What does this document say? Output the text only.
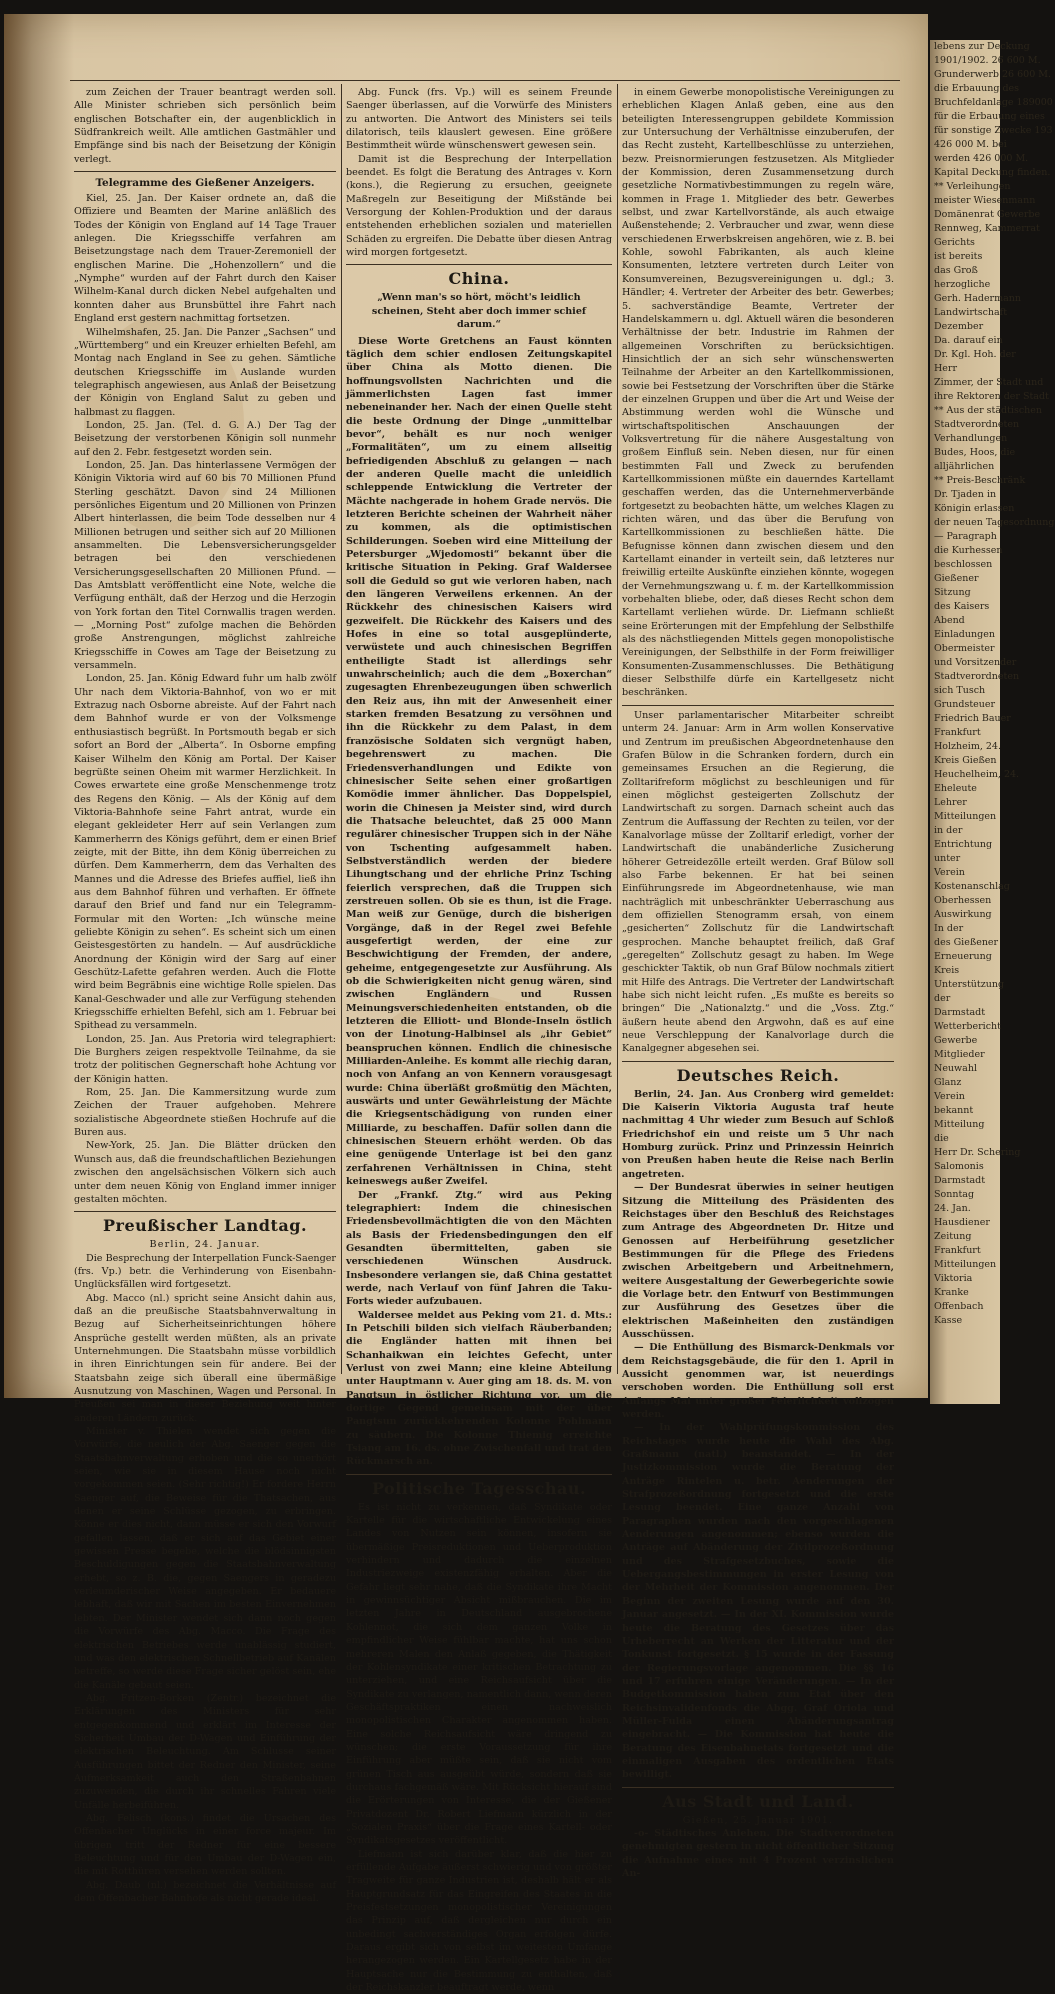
zum Zeichen der Trauer beantragt werden soll. Alle Minister schrieben sich persönlich beim englischen Botschafter ein, der augenblicklich in Südfrankreich weilt. Alle amtlichen Gastmähler und Empfänge sind bis nach der Beisetzung der Königin verlegt.

Telegramme des Gießener Anzeigers.

Kiel, 25. Jan. Der Kaiser ordnete an, daß die Offiziere und Beamten der Marine anläßlich des Todes der Königin von England auf 14 Tage Trauer anlegen. Die Kriegsschiffe verfahren am Beisetzungstage nach dem Trauer-Zeremoniell der englischen Marine. Die „Hohenzollern“ und die „Nymphe“ wurden auf der Fahrt durch den Kaiser Wilhelm-Kanal durch dicken Nebel aufgehalten und konnten daher aus Brunsbüttel ihre Fahrt nach England erst gestern nachmittag fortsetzen.

Wilhelmshafen, 25. Jan. Die Panzer „Sachsen“ und „Württemberg“ und ein Kreuzer erhielten Befehl, am Montag nach England in See zu gehen. Sämtliche deutschen Kriegsschiffe im Auslande wurden telegraphisch angewiesen, aus Anlaß der Beisetzung der Königin von England Salut zu geben und halbmast zu flaggen.

London, 25. Jan. (Tel. d. G. A.) Der Tag der Beisetzung der verstorbenen Königin soll nunmehr auf den 2. Febr. festgesetzt worden sein.

London, 25. Jan. Das hinterlassene Vermögen der Königin Viktoria wird auf 60 bis 70 Millionen Pfund Sterling geschätzt. Davon sind 24 Millionen persönliches Eigentum und 20 Millionen von Prinzen Albert hinterlassen, die beim Tode desselben nur 4 Millionen betrugen und seither sich auf 20 Millionen ansammelten. Die Lebensversicherungsgelder betragen bei den verschiedenen Versicherungsgesellschaften 20 Millionen Pfund. — Das Amtsblatt veröffentlicht eine Note, welche die Verfügung enthält, daß der Herzog und die Herzogin von York fortan den Titel Cornwallis tragen werden. — „Morning Post“ zufolge machen die Behörden große Anstrengungen, möglichst zahlreiche Kriegsschiffe in Cowes am Tage der Beisetzung zu versammeln.

London, 25. Jan. König Edward fuhr um halb zwölf Uhr nach dem Viktoria-Bahnhof, von wo er mit Extrazug nach Osborne abreiste. Auf der Fahrt nach dem Bahnhof wurde er von der Volksmenge enthusiastisch begrüßt. In Portsmouth begab er sich sofort an Bord der „Alberta“. In Osborne empfing Kaiser Wilhelm den König am Portal. Der Kaiser begrüßte seinen Oheim mit warmer Herzlichkeit. In Cowes erwartete eine große Menschenmenge trotz des Regens den König. — Als der König auf dem Viktoria-Bahnhofe seine Fahrt antrat, wurde ein elegant gekleideter Herr auf sein Verlangen zum Kammerherrn des Königs geführt, dem er einen Brief zeigte, mit der Bitte, ihn dem König überreichen zu dürfen. Dem Kammerherrn, dem das Verhalten des Mannes und die Adresse des Briefes auffiel, ließ ihn aus dem Bahnhof führen und verhaften. Er öffnete darauf den Brief und fand nur ein Telegramm-Formular mit den Worten: „Ich wünsche meine geliebte Königin zu sehen“. Es scheint sich um einen Geistesgestörten zu handeln. — Auf ausdrückliche Anordnung der Königin wird der Sarg auf einer Geschütz-Lafette gefahren werden. Auch die Flotte wird beim Begräbnis eine wichtige Rolle spielen. Das Kanal-Geschwader und alle zur Verfügung stehenden Kriegsschiffe erhielten Befehl, sich am 1. Februar bei Spithead zu versammeln.

London, 25. Jan. Aus Pretoria wird telegraphiert: Die Burghers zeigen respektvolle Teilnahme, da sie trotz der politischen Gegnerschaft hohe Achtung vor der Königin hatten.

Rom, 25. Jan. Die Kammersitzung wurde zum Zeichen der Trauer aufgehoben. Mehrere sozialistische Abgeordnete stießen Hochrufe auf die Buren aus.

New-York, 25. Jan. Die Blätter drücken den Wunsch aus, daß die freundschaftlichen Beziehungen zwischen den angelsächsischen Völkern sich auch unter dem neuen König von England immer inniger gestalten möchten.

Preußischer Landtag.
Berlin, 24. Januar.

Die Besprechung der Interpellation Funck-Saenger (frs. Vp.) betr. die Verhinderung von Eisenbahn-Unglücksfällen wird fortgesetzt.

Abg. Macco (nl.) spricht seine Ansicht dahin aus, daß an die preußische Staatsbahnverwaltung in Bezug auf Sicherheitseinrichtungen höhere Ansprüche gestellt werden müßten, als an private Unternehmungen. Die Staatsbahn müsse vorbildlich in ihren Einrichtungen sein für andere. Bei der Staatsbahn zeige sich überall eine übermäßige Ausnutzung von Maschinen, Wagen und Personal. In Preußen sei man in dieser Beziehung weit hinter anderen Ländern zurück.

Minister v. Thielen wendet sich gegen die Vorwürfe, die neulich der Abg. Saenger gegen die Staatsbahnverwaltung erhoben und die so unerhört seien, wie sie in diesem Hause noch nicht vorgekommen seien. (Sehr richtig!) Er fordere Herrn Saenger auf, die Beweise für die Thatsachen, aus denen er seine Schlüsse gezogen, zu erbringen. Könne er dies nicht, dann müsse er sich den Vorwurf gefallen lassen, daß er sich auf das Gebiet einer gewissen Presse begebe, welche die blödsinnigsten Beschuldigungen gegen die Staatsbahnverwaltung erhebt, so z. B. die, gegen Saengers in geradezu verleumderischer Weise angegeben. Er bedauere lebhaft, daß wir mit Sachen im besten Einvernehmen lebten. Der Minister wendet sich dann noch gegen die Vorwürfe des Abg. Macco. Die Frage des elektrischen Betriebes werde unablässig studiert, und was den elektrischen Schnellbetrieb auf Kanälen betreffe, so werde diese Frage sicher gelöst sein, ehe die Kanäle gebaut seien.

Abg. Fritzen-Borken (Zentr.) bezeichnet die Erklärungen des Ministers für sehr entgegenkommend und erklärt im Interesse der Sicherheit Umbau der D-Wagen und Einführung der elektrischen Beleuchtung. Am Schlusse seiner Ausführungen bittet der Redner den Minister, seine Aufmerksamkeit auch den Straßenbahnen zuzuwenden, die durch ihr schnelles Fahren viele Unfälle herbeiführen.

Abg. Felisch (kons.) findet die Ursachen des Offenbacher Unglücks in einer force majeur. Im übrigen tritt der Redner für eine bessere Beleuchtung und für den Umbau der D-Wagen ein, die mit Rotthüren versehen werden sollten.

Abg. Daub (nl.) bezeichnet die Verhältnisse auf dem Offenbacher Bahnhofe als nicht gerade ideal.

Abg. Funck (frs. Vp.) will es seinem Freunde Saenger überlassen, auf die Vorwürfe des Ministers zu antworten. Die Antwort des Ministers sei teils dilatorisch, teils klauslert gewesen. Eine größere Bestimmtheit würde wünschenswert gewesen sein.

Damit ist die Besprechung der Interpellation beendet. Es folgt die Beratung des Antrages v. Korn (kons.), die Regierung zu ersuchen, geeignete Maßregeln zur Beseitigung der Mißstände bei Versorgung der Kohlen-Produktion und der daraus entstehenden erheblichen sozialen und materiellen Schäden zu ergreifen. Die Debatte über diesen Antrag wird morgen fortgesetzt.

China.
„Wenn man's so hört, möcht's leidlich scheinen, Steht aber doch immer schief darum.“

Diese Worte Gretchens an Faust könnten täglich dem schier endlosen Zeitungskapitel über China als Motto dienen. Die hoffnungsvollsten Nachrichten und die jämmerlichsten Lagen fast immer nebeneinander her. Nach der einen Quelle steht die beste Ordnung der Dinge „unmittelbar bevor“, behält es nur noch weniger „Formalitäten“, um zu einem allseitig befriedigenden Abschluß zu gelangen — nach der anderen Quelle macht die unleidlich schleppende Entwicklung die Vertreter der Mächte nachgerade in hohem Grade nervös. Die letzteren Berichte scheinen der Wahrheit näher zu kommen, als die optimistischen Schilderungen. Soeben wird eine Mitteilung der Petersburger „Wjedomosti“ bekannt über die kritische Situation in Peking. Graf Waldersee soll die Geduld so gut wie verloren haben, nach den längeren Verweilens erkennen. An der Rückkehr des chinesischen Kaisers wird gezweifelt. Die Rückkehr des Kaisers und des Hofes in eine so total ausgeplünderte, verwüstete und auch chinesischen Begriffen entheiligte Stadt ist allerdings sehr unwahrscheinlich; auch die dem „Boxerchan“ zugesagten Ehrenbezeugungen üben schwerlich den Reiz aus, ihn mit der Anwesenheit einer starken fremden Besatzung zu versöhnen und ihn die Rückkehr zu dem Palast, in dem französische Soldaten sich vergnügt haben, begehrenswert zu machen. Die Friedensverhandlungen und Edikte von chinesischer Seite sehen einer großartigen Komödie immer ähnlicher. Das Doppelspiel, worin die Chinesen ja Meister sind, wird durch die Thatsache beleuchtet, daß 25 000 Mann regulärer chinesischer Truppen sich in der Nähe von Tschenting aufgesammelt haben. Selbstverständlich werden der biedere Lihungtschang und der ehrliche Prinz Tsching feierlich versprechen, daß die Truppen sich zerstreuen sollen. Ob sie es thun, ist die Frage. Man weiß zur Genüge, durch die bisherigen Vorgänge, daß in der Regel zwei Befehle ausgefertigt werden, der eine zur Beschwichtigung der Fremden, der andere, geheime, entgegengesetzte zur Ausführung. Als ob die Schwierigkeiten nicht genug wären, sind zwischen Engländern und Russen Meinungsverschiedenheiten entstanden, ob die letzteren die Elliott- und Blonde-Inseln östlich von der Linotung-Halbinsel als „ihr Gebiet“ beanspruchen können. Endlich die chinesische Milliarden-Anleihe. Es kommt alle riechig daran, noch von Anfang an von Kennern vorausgesagt wurde: China überläßt großmütig den Mächten, auswärts und unter Gewährleistung der Mächte die Kriegsentschädigung von runden einer Milliarde, zu beschaffen. Dafür sollen dann die chinesischen Steuern erhöht werden. Ob das eine genügende Unterlage ist bei den ganz zerfahrenen Verhältnissen in China, steht keineswegs außer Zweifel.

Der „Frankf. Ztg.“ wird aus Peking telegraphiert: Indem die chinesischen Friedensbevollmächtigten die von den Mächten als Basis der Friedensbedingungen den elf Gesandten übermittelten, gaben sie verschiedenen Wünschen Ausdruck. Insbesondere verlangen sie, daß China gestattet werde, nach Verlauf von fünf Jahren die Taku-Forts wieder aufzubauen.

Waldersee meldet aus Peking vom 21. d. Mts.: In Petschili bilden sich vielfach Räuberbanden; die Engländer hatten mit ihnen bei Schanhaikwan ein leichtes Gefecht, unter Verlust von zwei Mann; eine kleine Abteilung unter Hauptmann v. Auer ging am 18. ds. M. von Pangtsun in östlicher Richtung vor, um die dortige Gegend gemeinsam mit der über Pangtsun zurückkehrenden Kolonne Pohlmann zu säubern. Die Kolonne Thiemig erreichte Tsiang am 16. ds. ohne Zwischenfall und trat den Rückmarsch an.

Politische Tagesschau.

Es ist nicht zu verkennen, daß Syndikate oder Kartelle für die wirtschaftliche Entwickelung eines Landes von Nutzen sein können, insofern sie übermäßige Preisreduktionen und Ueberproduktion verhindern und dadurch die einzelnen Industriezweige existenzfähig erhalten. Aber die Gefahr liegt sehr nahe, daß die Syndikate ihre Macht in gewinnsüchtiger Absicht mißbrauchen. Die im letzten Jahre in Deutschland ausgebrochene Kohlennot, die sich dem ganzen Volke in empfindlicher Weise fühlbar machte, hat uns schon mehreren Malen den Anlaß gegeben, die Thätigkeit der Kohlensyndikate einer kritischen Betrachtung zu unterziehen, und eine Reichsaufsicht über die Syndikate zu verlangen, namentlich dann, wenn deren Geschäftspraktiken einen nachweislich monopolistischen Charakter angenommen haben. Eine solche Reichsaufsicht wäre dringend zu wünschen; die erste Voraussetzung für ihre Einführung aber müßte sein, daß sie nicht vom grünen Tisch aus ausgeübt würde, sondern daß sie durchaus fachgemäß wäre. Mit Rücksicht hierauf sind die Erörterungen von Interesse, die der Gießener Privatdozent Dr. Robert Liefmann kürzlich in der „Sozialen Praxis“ über die Frage eines Kartell- oder Syndikatsgesetzes veröffentlicht.

Liefmann ist sich darüber klar, daß die hier zu erfüllende Aufgabe äußerst schwierig und von größter Tragweite für ganze Industrien ist, deshalb hält er als Hauptgrundsatz für das Eingreifen des Staates in die Preisfestsetzungen monopolistischer Vereinigungen das Prinzip auf, daß dergleichen nur durch ein unbedingt sachverständiges Organ erfolgen dürfe. Daraus ergibt sich von selbst im weitesten Umfange herangezogen werden. Ein Kartellgesetz habe in der Hauptsache nur die Bestimmung zu enthalten, daß der Reichskanzler beauftragt werde, wenn

in einem Gewerbe monopolistische Vereinigungen zu erheblichen Klagen Anlaß geben, eine aus den beteiligten Interessengruppen gebildete Kommission zur Untersuchung der Verhältnisse einzuberufen, der das Recht zusteht, Kartellbeschlüsse zu unterziehen, bezw. Preisnormierungen festzusetzen. Als Mitglieder der Kommission, deren Zusammensetzung durch gesetzliche Normativbestimmungen zu regeln wäre, kommen in Frage 1. Mitglieder des betr. Gewerbes selbst, und zwar Kartellvorstände, als auch etwaige Außenstehende; 2. Verbraucher und zwar, wenn diese verschiedenen Erwerbskreisen angehören, wie z. B. bei Kohle, sowohl Fabrikanten, als auch kleine Konsumenten, letztere vertreten durch Leiter von Konsumvereinen, Bezugsvereinigungen u. dgl.; 3. Händler; 4. Vertreter der Arbeiter des betr. Gewerbes; 5. sachverständige Beamte, Vertreter der Handelskammern u. dgl. Aktuell wären die besonderen Verhältnisse der betr. Industrie im Rahmen der allgemeinen Vorschriften zu berücksichtigen. Hinsichtlich der an sich sehr wünschenswerten Teilnahme der Arbeiter an den Kartellkommissionen, sowie bei Festsetzung der Vorschriften über die Stärke der einzelnen Gruppen und über die Art und Weise der Abstimmung werden wohl die Wünsche und wirtschaftspolitischen Anschauungen der Volksvertretung für die nähere Ausgestaltung von großem Einfluß sein. Neben diesen, nur für einen bestimmten Fall und Zweck zu berufenden Kartellkommissionen müßte ein dauerndes Kartellamt geschaffen werden, das die Unternehmerverbände fortgesetzt zu beobachten hätte, um welches Klagen zu richten wären, und das über die Berufung von Kartellkommissionen zu beschließen hätte. Die Befugnisse können dann zwischen diesem und den Kartellamt einander in verteilt sein, daß letzteres nur freiwillig erteilte Auskünfte einziehen könnte, wogegen der Vernehmungszwang u. f. m. der Kartellkommission vorbehalten bliebe, oder, daß dieses Recht schon dem Kartellamt verliehen würde. Dr. Liefmann schließt seine Erörterungen mit der Empfehlung der Selbsthilfe als des nächstliegenden Mittels gegen monopolistische Vereinigungen, der Selbsthilfe in der Form freiwilliger Konsumenten-Zusammenschlusses. Die Bethätigung dieser Selbsthilfe dürfe ein Kartellgesetz nicht beschränken.

Unser parlamentarischer Mitarbeiter schreibt unterm 24. Januar: Arm in Arm wollen Konservative und Zentrum im preußischen Abgeordnetenhause den Grafen Bülow in die Schranken fordern, durch ein gemeinsames Ersuchen an die Regierung, die Zolltarifreform möglichst zu beschleunigen und für einen möglichst gesteigerten Zollschutz der Landwirtschaft zu sorgen. Darnach scheint auch das Zentrum die Auffassung der Rechten zu teilen, vor der Kanalvorlage müsse der Zolltarif erledigt, vorher der Landwirtschaft die unabänderliche Zusicherung höherer Getreidezölle erteilt werden. Graf Bülow soll also Farbe bekennen. Er hat bei seinen Einführungsrede im Abgeordnetenhause, wie man nachträglich mit unbeschränkter Ueberraschung aus dem offiziellen Stenogramm ersah, von einem „gesicherten“ Zollschutz für die Landwirtschaft gesprochen. Manche behauptet freilich, daß Graf „geregelten“ Zollschutz gesagt zu haben. Im Wege geschickter Taktik, ob nun Graf Bülow nochmals zitiert mit Hilfe des Antrags. Die Vertreter der Landwirtschaft habe sich nicht leicht rufen. „Es mußte es bereits so bringen“ Die „Nationalztg.“ und die „Voss. Ztg.“ äußern heute abend den Argwohn, daß es auf eine neue Verschleppung der Kanalvorlage durch die Kanalgegner abgesehen sei.

Deutsches Reich.

Berlin, 24. Jan. Aus Cronberg wird gemeldet: Die Kaiserin Viktoria Augusta traf heute nachmittag 4 Uhr wieder zum Besuch auf Schloß Friedrichshof ein und reiste um 5 Uhr nach Homburg zurück. Prinz und Prinzessin Heinrich von Preußen haben heute die Reise nach Berlin angetreten.

— Der Bundesrat überwies in seiner heutigen Sitzung die Mitteilung des Präsidenten des Reichstages über den Beschluß des Reichstages zum Antrage des Abgeordneten Dr. Hitze und Genossen auf Herbeiführung gesetzlicher Bestimmungen für die Pflege des Friedens zwischen Arbeitgebern und Arbeitnehmern, weitere Ausgestaltung der Gewerbegerichte sowie die Vorlage betr. den Entwurf von Bestimmungen zur Ausführung des Gesetzes über die elektrischen Maßeinheiten den zuständigen Ausschüssen.

— Die Enthüllung des Bismarck-Denkmals vor dem Reichstagsgebäude, die für den 1. April in Aussicht genommen war, ist neuerdings verschoben worden. Die Enthüllung soll erst Anfangs Mai unter großer Feierlichkeit vollzogen werden.

— In der Wahlprüfungskommission des Reichstages wurde heute die Wahl des Abg. Graßmann (natl.) beanstandet. — In der Justizkommission wurde die Beratung der Anträge Rintelen u. betr. Aenderungen der Strafprozeßordnung fortgesetzt und die erste Lesung beendet. Eine ganze Anzahl von Paragraphen wurden nach den vorgeschlagenen Aenderungen angenommen; ebenso wurden die Anträge auf Abänderung der Zivilprozeßordnung und des Strafgesetzbuches, sowie die Uebergangsbestimmungen in erster Lesung von der Mehrheit der Kommission angenommen. Der Beginn der zweiten Lesung wurde auf den 30. Januar angesetzt. — In der XI. Kommission wurde heute die Beratung des Gesetzes über das Urheberrecht an Werken der Litteratur und der Tonkunst fortgesetzt. § 15 wurde in der Fassung der Regierungsvorlage angenommen. Die §§ 16 und 17 erfuhren einige Veränderungen. — In der Budgetkommission haben zum Etat über den Reichsinvalidenfonds die Abgg. Graf Oriola und Müller-Fulda einen Abänderungsantrag eingebracht. — Die Kommission hat heute die Beratung des Eisenbahnetats fortgesetzt und die einmaligen Ausgaben des ordentlichen Etats bewilligt.

Aus Stadt und Land.
Gießen, 25. Januar 1901.

-o- Städtisches Anlehen. Die Stadtverordneten genehmigten gestern in nicht öffentlicher Sitzung die Aufnahme eines mit 4 Prozent verzinslichen An-

lebens zur Deckung
1901/1902. 26 600 M.
Grunderwerb 26 600 M.
die Erbauung des
Bruchfeldanlage 189000
für die Erbauung eines
für sonstige Zwecke 193
426 000 M. bei
werden 426 000 M.
Kapital Deckung finden.
** Verleihungen
meister Wiesenmann
Domänenrat Gewerbe
Rennweg, Kammerrat
Gerichts
ist bereits
das Groß
herzogliche
Gerh. Hadermann
Landwirtschaft
Dezember
Da. darauf ein
Dr. Kgl. Hoh. der
Herr
Zimmer, der Stadt und
ihre Rektoren der Stadt
** Aus der städtischen
Stadtverordneten
Verhandlungen
Budes, Hoos, die
alljährlichen
** Preis-Beschränk
Dr. Tjaden in
Königin erlassen
der neuen Tagesordnung
— Paragraph
die Kurhessen
beschlossen
Gießener
Sitzung
des Kaisers
Abend
Einladungen
Obermeister
und Vorsitzender
Stadtverordneten
sich Tusch
Grundsteuer
Friedrich Bauer
Frankfurt
Holzheim, 24.
Kreis Gießen
Heuchelheim, 24.
Eheleute
Lehrer
Mitteilungen
in der
Entrichtung
unter
Verein
Kostenanschlag
Oberhessen
Auswirkung
In der
des Gießener
Erneuerung
Kreis
Unterstützung
der
Darmstadt
Wetterbericht
Gewerbe
Mitglieder
Neuwahl
Glanz
Verein
bekannt
Mitteilung
die
Herr Dr. Schering
Salomonis
Darmstadt
Sonntag
24. Jan.
Hausdiener
Zeitung
Frankfurt
Mitteilungen
Viktoria
Kranke
Offenbach
Kasse
